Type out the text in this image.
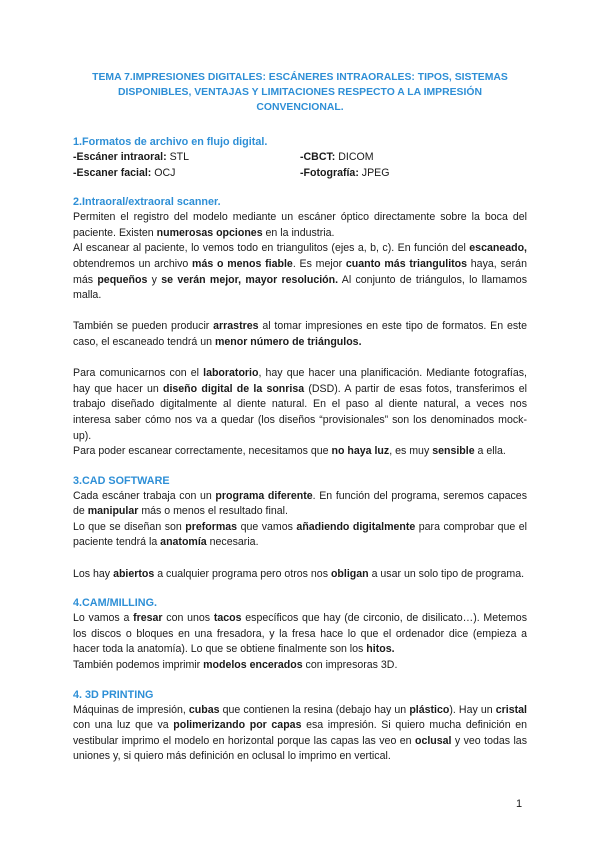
TEMA 7.IMPRESIONES DIGITALES: ESCÁNERES INTRAORALES: TIPOS, SISTEMAS DISPONIBLES, VENTAJAS Y LIMITACIONES RESPECTO A LA IMPRESIÓN CONVENCIONAL.
1.Formatos de archivo en flujo digital.
-Escáner intraoral: STL	-CBCT: DICOM
-Escaner facial: OCJ	-Fotografía: JPEG
2.Intraoral/extraoral scanner.

Permiten el registro del modelo mediante un escáner óptico directamente sobre la boca del paciente. Existen numerosas opciones en la industria.

Al escanear al paciente, lo vemos todo en triangulitos (ejes a, b, c). En función del escaneado, obtendremos un archivo más o menos fiable. Es mejor cuanto más triangulitos haya, serán más pequeños y se verán mejor, mayor resolución. Al conjunto de triángulos, lo llamamos malla.

También se pueden producir arrastres al tomar impresiones en este tipo de formatos. En este caso, el escaneado tendrá un menor número de triángulos.

Para comunicarnos con el laboratorio, hay que hacer una planificación. Mediante fotografías, hay que hacer un diseño digital de la sonrisa (DSD). A partir de esas fotos, transferimos el trabajo diseñado digitalmente al diente natural. En el paso al diente natural, a veces nos interesa saber cómo nos va a quedar (los diseños “provisionales” son los denominados mock-up).

Para poder escanear correctamente, necesitamos que no haya luz, es muy sensible a ella.

3.CAD SOFTWARE

Cada escáner trabaja con un programa diferente. En función del programa, seremos capaces de manipular más o menos el resultado final.

Lo que se diseñan son preformas que vamos añadiendo digitalmente para comprobar que el paciente tendrá la anatomía necesaria.

Los hay abiertos a cualquier programa pero otros nos obligan a usar un solo tipo de programa.

4.CAM/MILLING.

Lo vamos a fresar con unos tacos específicos que hay (de circonio, de disilicato…). Metemos los discos o bloques en una fresadora, y la fresa hace lo que el ordenador dice (empieza a hacer toda la anatomía). Lo que se obtiene finalmente son los hitos.

También podemos imprimir modelos encerados con impresoras 3D.

4. 3D PRINTING

Máquinas de impresión, cubas que contienen la resina (debajo hay un plástico). Hay un cristal con una luz que va polimerizando por capas esa impresión. Si quiero mucha definición en vestibular imprimo el modelo en horizontal porque las capas las veo en oclusal y veo todas las uniones y, si quiero más definición en oclusal lo imprimo en vertical.

1
